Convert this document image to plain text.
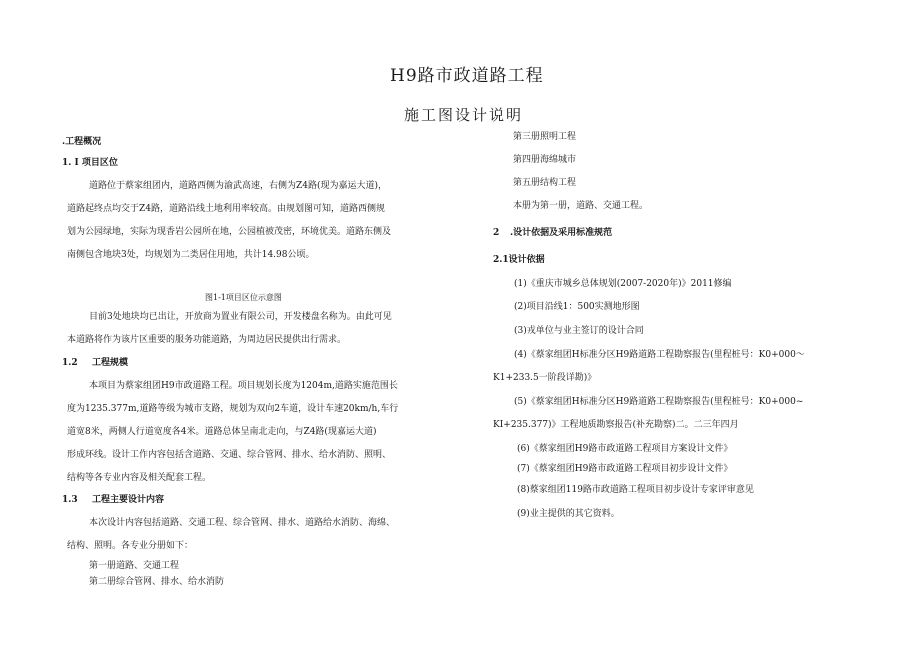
H9路市政道路工程
施工图设计说明
.工程概况
1. I 项目区位
道路位于蔡家组团内，道路西侧为渝武高速，右侧为Z4路(现为嘉运大道)，
道路起终点均交于Z4路，道路沿线土地利用率较高。由规划图可知，道路西侧规
划为公园绿地，实际为现香岩公园所在地，公园植被茂密，环境优美。道路东侧及
南侧包含地块3处，均规划为二类居住用地，共计14.98公顷。
图1-1项目区位示意图
目前3处地块均已出让，开放商为置业有限公司，开发楼盘名称为。由此可见
本道路将作为该片区重要的服务功能道路，为周边居民提供出行需求。
1.2 工程规模
本项目为蔡家组团H9市政道路工程。项目规划长度为1204m,道路实施范围长
度为1235.377m,道路等级为城市支路，规划为双向2车道，设计车速20km∕h,车行
道宽8米，两侧人行道宽度各4米。道路总体呈南北走向，与Z4路(现嘉运大道)
形成环线。设计工作内容包括含道路、交通、综合管网、排水、给水消防、照明、
结构等各专业内容及相关配套工程。
1.3 工程主要设计内容
本次设计内容包括道路、交通工程、综合管网、排水、道路给水消防、海绵、
结构、照明。各专业分册如下：
第一册道路、交通工程
第二册综合管网、排水、给水消防
第三册照明工程
第四册海绵城市
第五册结构工程
本册为第一册，道路、交通工程。
2 .设计依据及采用标准规范
2.1设计依据
(1)《重庆市城乡总体规划(2007-2020年)》2011修编
(2)项目沿线1：500实测地形图
(3)戎单位与业主签订的设计合同
(4)《蔡家组团H标准分区H9路道路工程勘察报告(里程桩号：K0+000～
K1+233.5一阶段详勘)》
(5)《蔡家组团H标准分区H9路道路工程勘察报告(里程桩号：K0+000~
KI+235.377)》工程地质勘察报告(补充勘察)二。二三年四月
(6)《蔡家组团H9路市政道路工程项目方案设计文件》
(7)《蔡家组团H9路市政道路工程项目初步设计文件》
(8)蔡家组团119路市政道路工程项目初步设计专家评审意见
(9)业主提供的其它资料。
